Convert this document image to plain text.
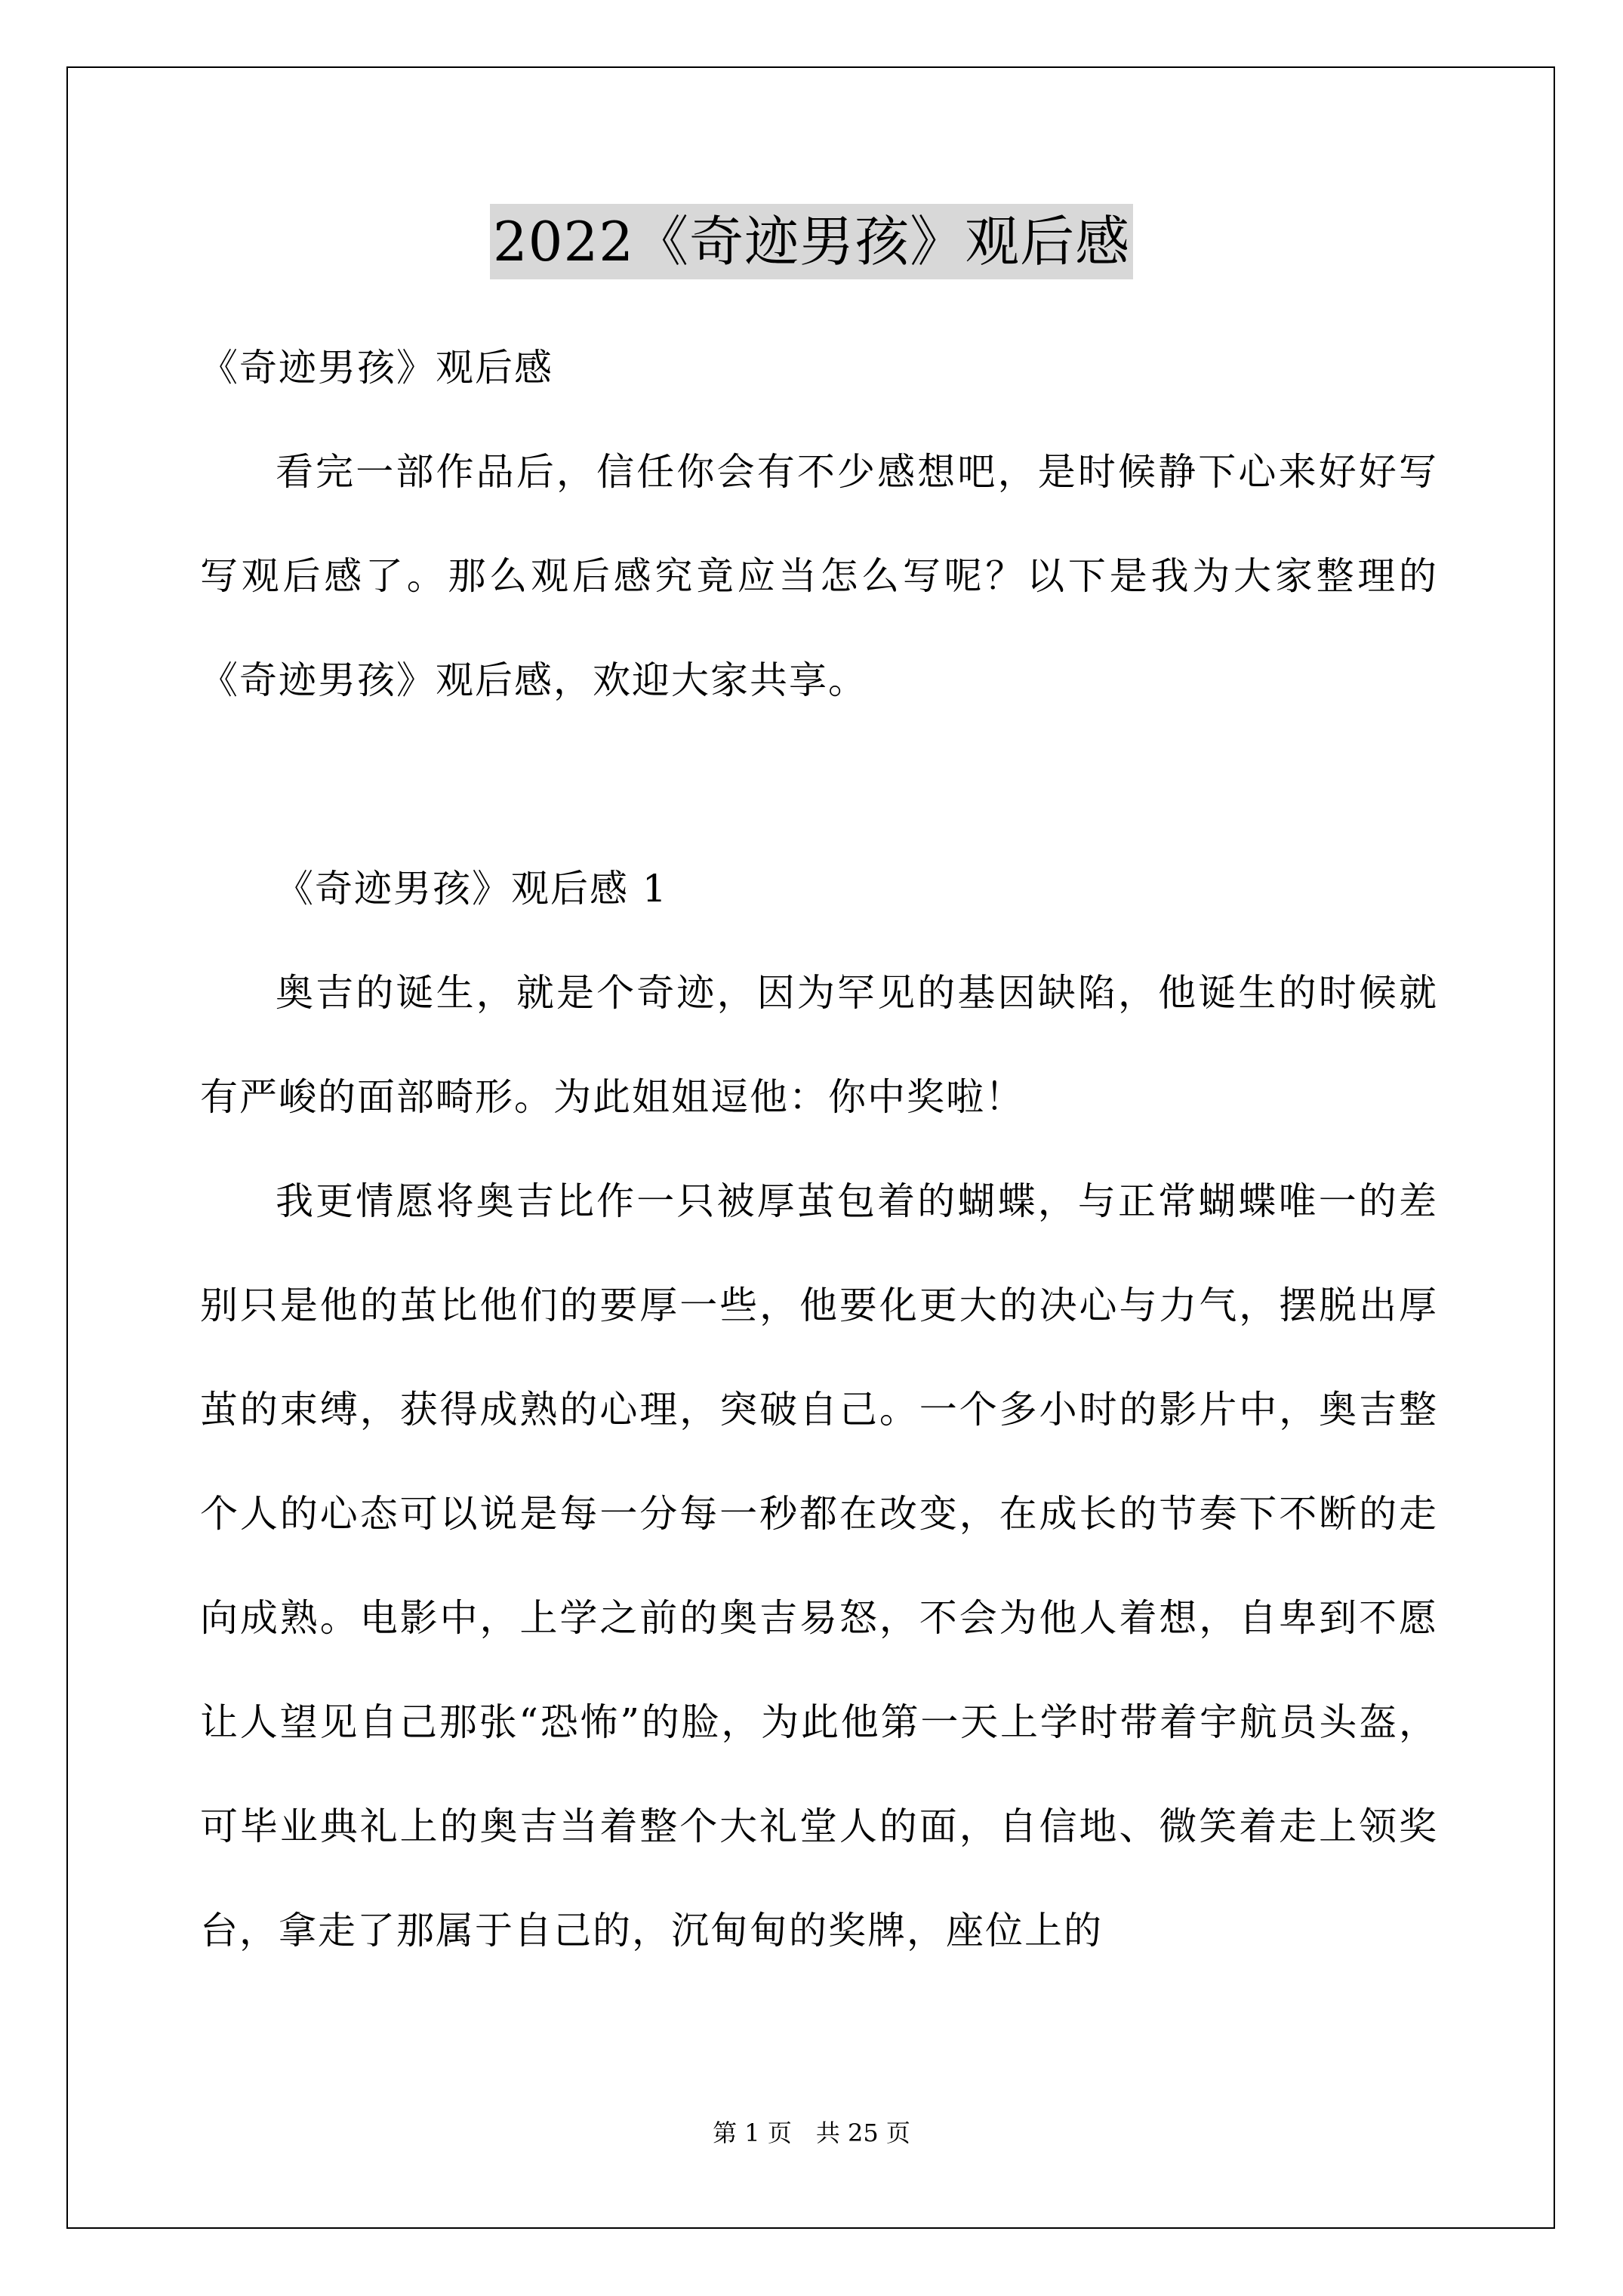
2022《奇迹男孩》观后感

《奇迹男孩》观后感

看完一部作品后，信任你会有不少感想吧，是时候静下心来好好写写观后感了。那么观后感究竟应当怎么写呢？以下是我为大家整理的《奇迹男孩》观后感，欢迎大家共享。

《奇迹男孩》观后感 1

奥吉的诞生，就是个奇迹，因为罕见的基因缺陷，他诞生的时候就有严峻的面部畸形。为此姐姐逗他：你中奖啦！

我更情愿将奥吉比作一只被厚茧包着的蝴蝶，与正常蝴蝶唯一的差别只是他的茧比他们的要厚一些，他要化更大的决心与力气，摆脱出厚茧的束缚，获得成熟的心理，突破自己。一个多小时的影片中，奥吉整个人的心态可以说是每一分每一秒都在改变，在成长的节奏下不断的走向成熟。电影中，上学之前的奥吉易怒，不会为他人着想，自卑到不愿让人望见自己那张“恐怖”的脸，为此他第一天上学时带着宇航员头盔，可毕业典礼上的奥吉当着整个大礼堂人的面，自信地、微笑着走上领奖台，拿走了那属于自己的，沉甸甸的奖牌，座位上的

第 1 页　共 25 页
